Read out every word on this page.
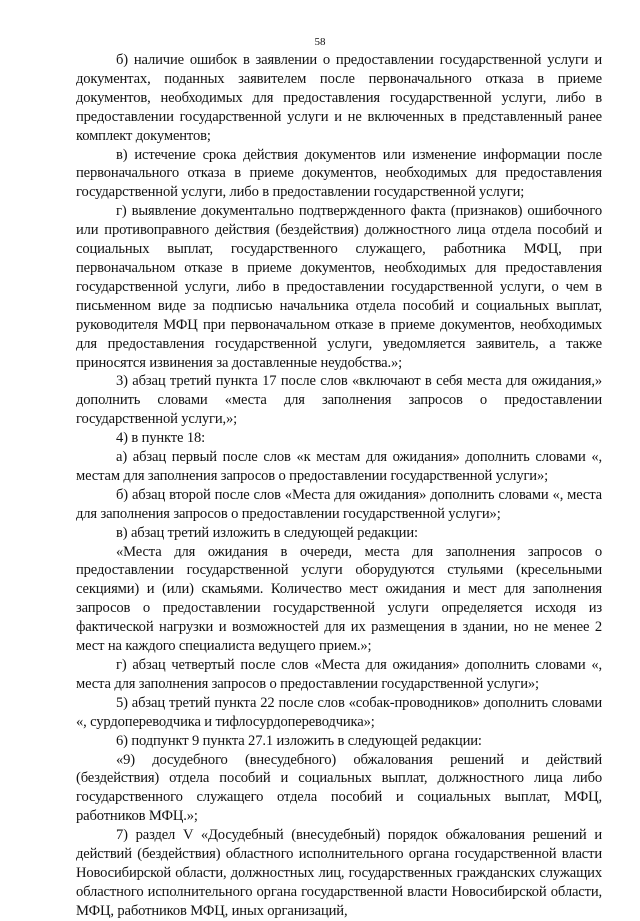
58

б) наличие ошибок в заявлении о предоставлении государственной услуги и документах, поданных заявителем после первоначального отказа в приеме документов, необходимых для предоставления государственной услуги, либо в предоставлении государственной услуги и не включенных в представленный ранее комплект документов;

в) истечение срока действия документов или изменение информации после первоначального отказа в приеме документов, необходимых для предоставления государственной услуги, либо в предоставлении государственной услуги;

г) выявление документально подтвержденного факта (признаков) ошибочного или противоправного действия (бездействия) должностного лица отдела пособий и социальных выплат, государственного служащего, работника МФЦ, при первоначальном отказе в приеме документов, необходимых для предоставления государственной услуги, либо в предоставлении государственной услуги, о чем в письменном виде за подписью начальника отдела пособий и социальных выплат, руководителя МФЦ при первоначальном отказе в приеме документов, необходимых для предоставления государственной услуги, уведомляется заявитель, а также приносятся извинения за доставленные неудобства.»;

3) абзац третий пункта 17 после слов «включают в себя места для ожидания,» дополнить словами «места для заполнения запросов о предоставлении государственной услуги,»;

4) в пункте 18:

а) абзац первый после слов «к местам для ожидания» дополнить словами «, местам для заполнения запросов о предоставлении государственной услуги»;

б) абзац второй после слов «Места для ожидания» дополнить словами «, места для заполнения запросов о предоставлении государственной услуги»;

в) абзац третий изложить в следующей редакции:

«Места для ожидания в очереди, места для заполнения запросов о предоставлении государственной услуги оборудуются стульями (кресельными секциями) и (или) скамьями. Количество мест ожидания и мест для заполнения запросов о предоставлении государственной услуги определяется исходя из фактической нагрузки и возможностей для их размещения в здании, но не менее 2 мест на каждого специалиста ведущего прием.»;

г) абзац четвертый после слов «Места для ожидания» дополнить словами «, места для заполнения запросов о предоставлении государственной услуги»;

5) абзац третий пункта 22 после слов «собак-проводников» дополнить словами «, сурдопереводчика и тифлосурдопереводчика»;

6) подпункт 9 пункта 27.1 изложить в следующей редакции:

«9) досудебного (внесудебного) обжалования решений и действий (бездействия) отдела пособий и социальных выплат, должностного лица либо государственного служащего отдела пособий и социальных выплат, МФЦ, работников МФЦ.»;

7) раздел V «Досудебный (внесудебный) порядок обжалования решений и действий (бездействия) областного исполнительного органа государственной власти Новосибирской области, должностных лиц, государственных гражданских служащих областного исполнительного органа государственной власти Новосибирской области, МФЦ, работников МФЦ, иных организаций,
